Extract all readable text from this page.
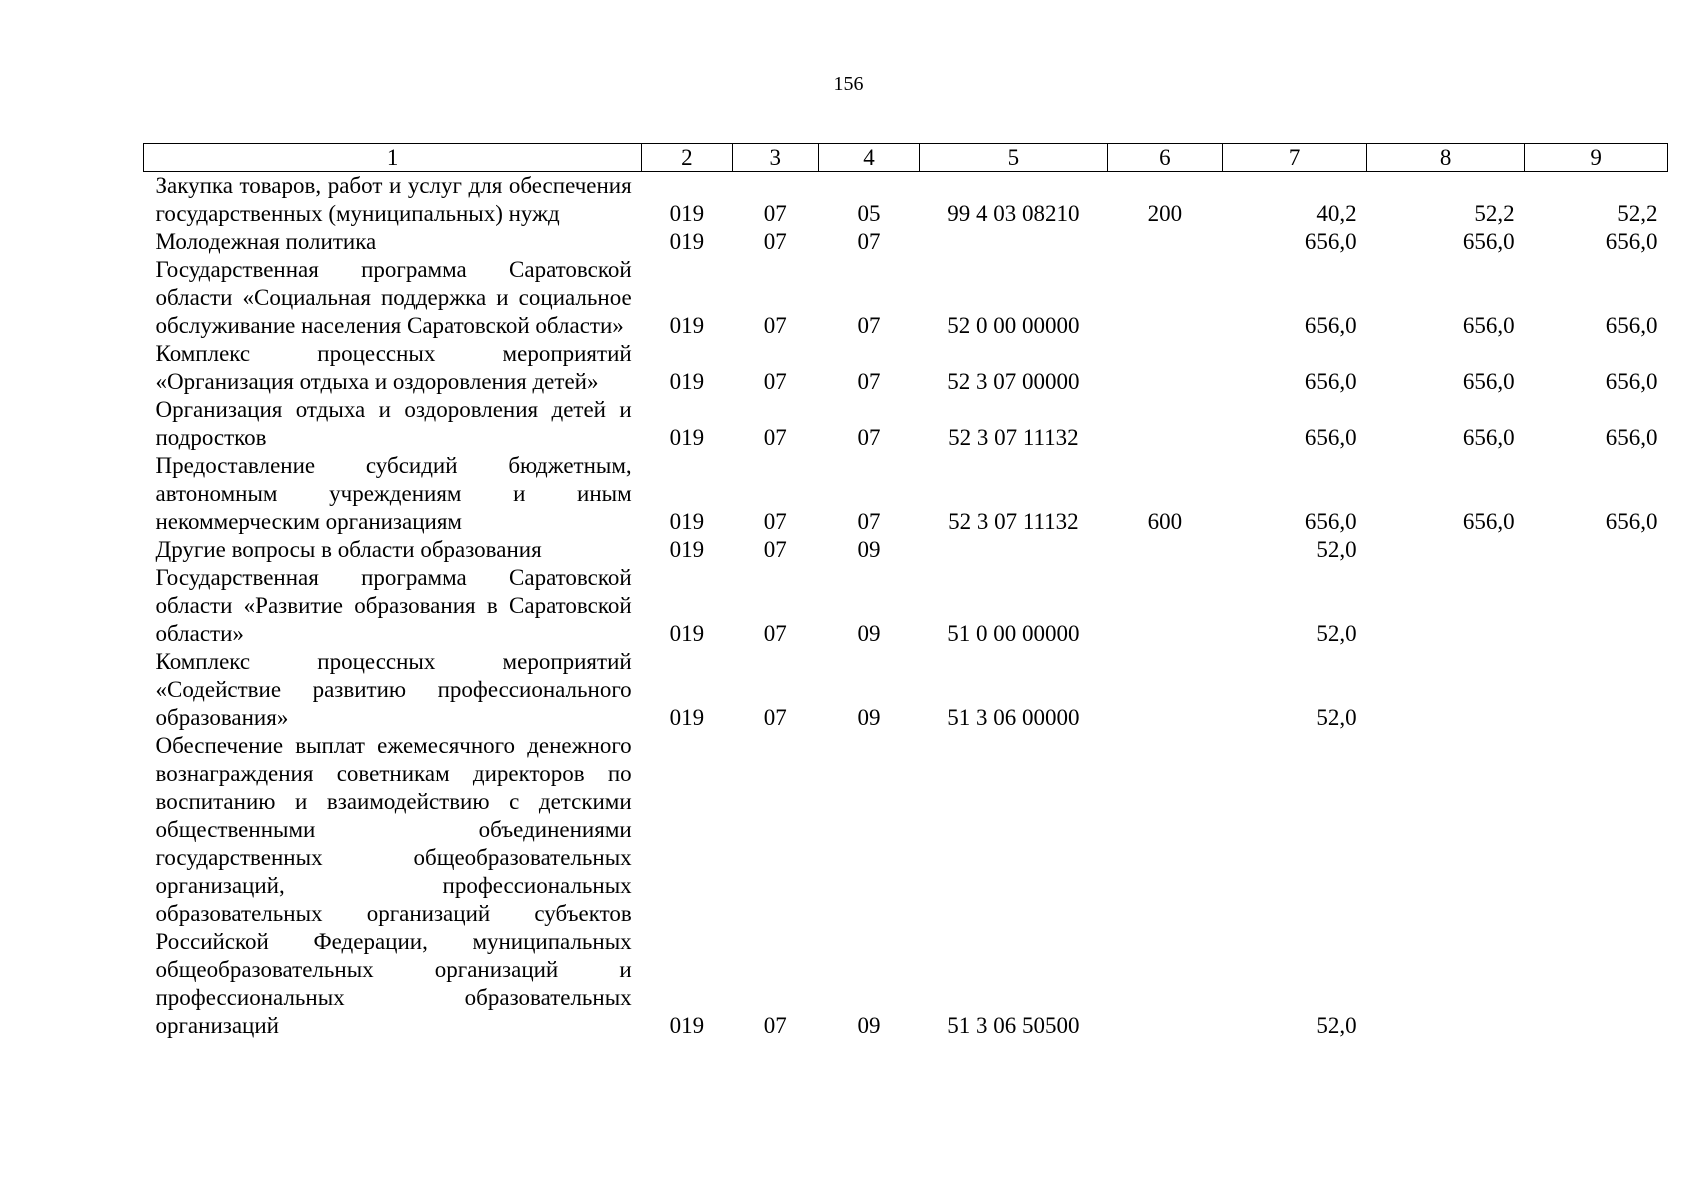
156
1	2	3	4	5	6	7	8	9
Закупка товаров, работ и услуг для обеспечения государственных (муниципальных) нужд	019	07	05	99 4 03 08210	200	40,2	52,2	52,2
Молодежная политика	019	07	07			656,0	656,0	656,0
Государственная программа Саратовской области «Социальная поддержка и социальное обслуживание населения Саратовской области»	019	07	07	52 0 00 00000		656,0	656,0	656,0
Комплекс процессных мероприятий «Организация отдыха и оздоровления детей»	019	07	07	52 3 07 00000		656,0	656,0	656,0
Организация отдыха и оздоровления детей и подростков	019	07	07	52 3 07 11132		656,0	656,0	656,0
Предоставление субсидий бюджетным, автономным учреждениям и иным некоммерческим организациям	019	07	07	52 3 07 11132	600	656,0	656,0	656,0
Другие вопросы в области образования	019	07	09			52,0		
Государственная программа Саратовской области «Развитие образования в Саратовской области»	019	07	09	51 0 00 00000		52,0		
Комплекс процессных мероприятий «Содействие развитию профессионального образования»	019	07	09	51 3 06 00000		52,0		
Обеспечение выплат ежемесячного денежного вознаграждения советникам директоров по воспитанию и взаимодействию с детскими общественными объединениями государственных общеобразовательных организаций, профессиональных образовательных организаций субъектов Российской Федерации, муниципальных общеобразовательных организаций и профессиональных образовательных организаций	019	07	09	51 3 06 50500		52,0		
